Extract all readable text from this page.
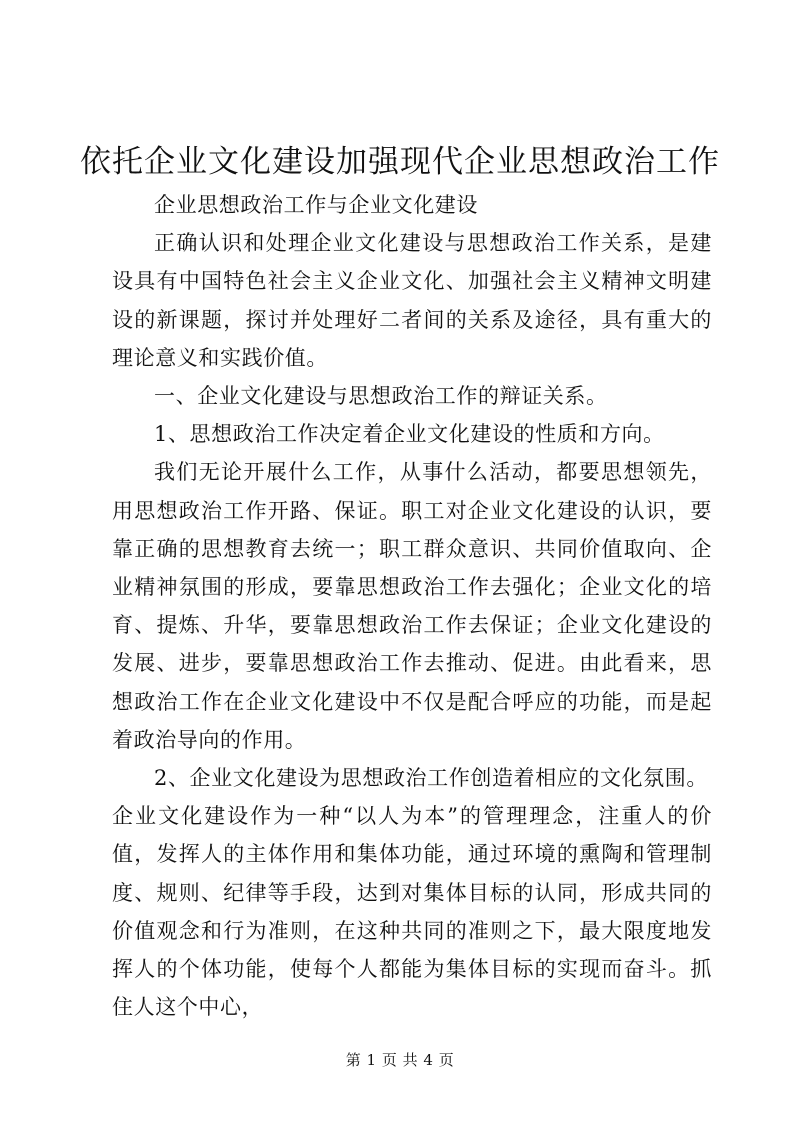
依托企业文化建设加强现代企业思想政治工作

企业思想政治工作与企业文化建设

正确认识和处理企业文化建设与思想政治工作关系，是建设具有中国特色社会主义企业文化、加强社会主义精神文明建设的新课题，探讨并处理好二者间的关系及途径，具有重大的理论意义和实践价值。

一、企业文化建设与思想政治工作的辩证关系。

1、思想政治工作决定着企业文化建设的性质和方向。

我们无论开展什么工作，从事什么活动，都要思想领先，用思想政治工作开路、保证。职工对企业文化建设的认识，要靠正确的思想教育去统一；职工群众意识、共同价值取向、企业精神氛围的形成，要靠思想政治工作去强化；企业文化的培育、提炼、升华，要靠思想政治工作去保证；企业文化建设的发展、进步，要靠思想政治工作去推动、促进。由此看来，思想政治工作在企业文化建设中不仅是配合呼应的功能，而是起着政治导向的作用。

2、企业文化建设为思想政治工作创造着相应的文化氛围。

企业文化建设作为一种“以人为本”的管理理念，注重人的价值，发挥人的主体作用和集体功能，通过环境的熏陶和管理制度、规则、纪律等手段，达到对集体目标的认同，形成共同的价值观念和行为准则，在这种共同的准则之下，最大限度地发挥人的个体功能，使每个人都能为集体目标的实现而奋斗。抓住人这个中心，

第 1 页 共 4 页
